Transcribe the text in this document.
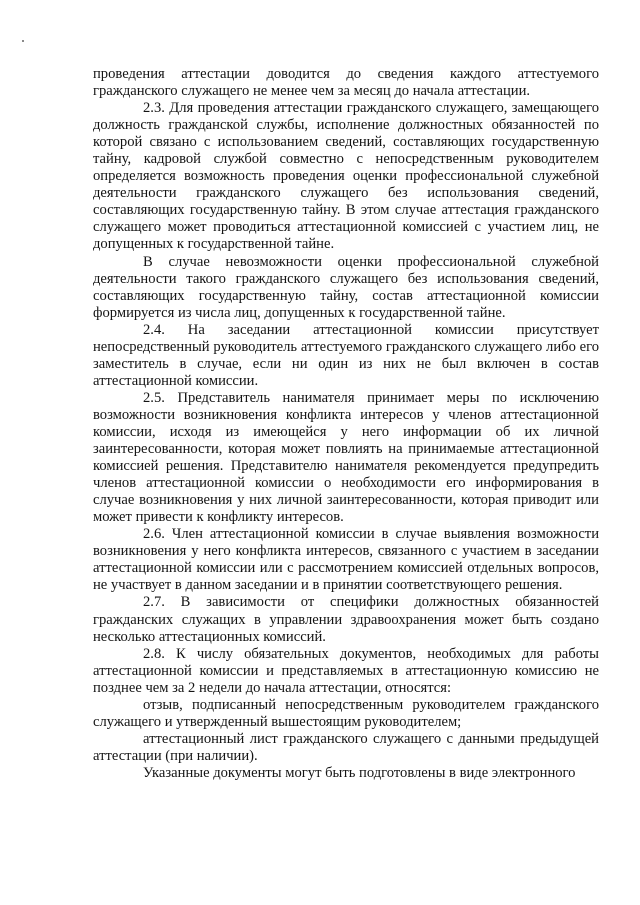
проведения аттестации доводится до сведения каждого аттестуемого гражданского служащего не менее чем за месяц до начала аттестации.

2.3. Для проведения аттестации гражданского служащего, замещающего должность гражданской службы, исполнение должностных обязанностей по которой связано с использованием сведений, составляющих государственную тайну, кадровой службой совместно с непосредственным руководителем определяется возможность проведения оценки профессиональной служебной деятельности гражданского служащего без использования сведений, составляющих государственную тайну. В этом случае аттестация гражданского служащего может проводиться аттестационной комиссией с участием лиц, не допущенных к государственной тайне.

В случае невозможности оценки профессиональной служебной деятельности такого гражданского служащего без использования сведений, составляющих государственную тайну, состав аттестационной комиссии формируется из числа лиц, допущенных к государственной тайне.

2.4. На заседании аттестационной комиссии присутствует непосредственный руководитель аттестуемого гражданского служащего либо его заместитель в случае, если ни один из них не был включен в состав аттестационной комиссии.

2.5. Представитель нанимателя принимает меры по исключению возможности возникновения конфликта интересов у членов аттестационной комиссии, исходя из имеющейся у него информации об их личной заинтересованности, которая может повлиять на принимаемые аттестационной комиссией решения. Представителю нанимателя рекомендуется предупредить членов аттестационной комиссии о необходимости его информирования в случае возникновения у них личной заинтересованности, которая приводит или может привести к конфликту интересов.

2.6. Член аттестационной комиссии в случае выявления возможности возникновения у него конфликта интересов, связанного с участием в заседании аттестационной комиссии или с рассмотрением комиссией отдельных вопросов, не участвует в данном заседании и в принятии соответствующего решения.

2.7. В зависимости от специфики должностных обязанностей гражданских служащих в управлении здравоохранения может быть создано несколько аттестационных комиссий.

2.8. К числу обязательных документов, необходимых для работы аттестационной комиссии и представляемых в аттестационную комиссию не позднее чем за 2 недели до начала аттестации, относятся:

отзыв, подписанный непосредственным руководителем гражданского служащего и утвержденный вышестоящим руководителем;

аттестационный лист гражданского служащего с данными предыдущей аттестации (при наличии).

Указанные документы могут быть подготовлены в виде электронного
